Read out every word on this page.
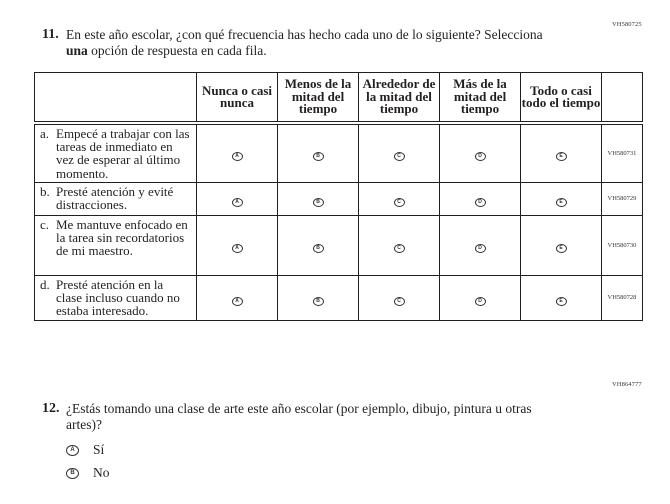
VH580725
11. En este año escolar, ¿con qué frecuencia has hecho cada uno de lo siguiente? Selecciona
una opción de respuesta en cada fila.
	Nunca o casi nunca	Menos de la mitad del tiempo	Alrededor de la mitad del tiempo	Más de la mitad del tiempo	Todo o casi todo el tiempo	

a. Empecé a trabajar con las tareas de inmediato en vez de esperar al último momento.	A	B	C	D	E	VH580731

b. Presté atención y evité distracciones.	A	B	C	D	E	VH580729

c. Me mantuve enfocado en la tarea sin recordatorios de mi maestro.	A	B	C	D	E	VH580730

d. Presté atención en la clase incluso cuando no estaba interesado.	A	B	C	D	E	VH580728
VH864777
12. ¿Estás tomando una clase de arte este año escolar (por ejemplo, dibujo, pintura u otras artes)?
A	Sí
B	No
